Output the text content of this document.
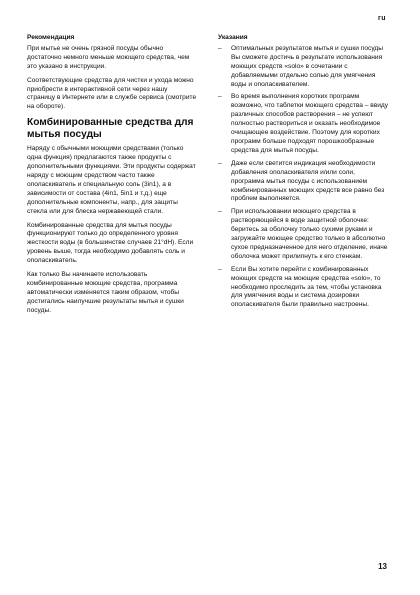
ru
Рекомендация

При мытье не очень грязной посуды обычно достаточно немного меньше моющего средства, чем это указано в инструкции.

Соответствующие средства для чистки и ухода можно приобрести в интерактивной сети через нашу страницу в Интернете или в службе сервиса (смотрите на обороте).

Комбинированные средства для мытья посуды

Наряду с обычными моющими средствами (только одна функция) предлагаются также продукты с дополнительными функциями. Эти продукты содержат наряду с моющим средством часто также ополаскиватель и специальную соль (3in1), а в зависимости от состава (4in1, 5in1 и т.д.) еще дополнительные компоненты, напр., для защиты стекла или для блеска нержавеющей стали.

Комбинированные средства для мытья посуды функционируют только до определенного уровня жесткости воды (в большинстве случаев 21°dH). Если уровень выше, тогда необходимо добавлять соль и ополаскиватель.

Как только Вы начинаете использовать комбинированные моющие средства, программа автоматически изменяется таким образом, чтобы достигались наилучшие результаты мытья и сушки посуды.

Указания
– Оптимальных результатов мытья и сушки посуды Вы сможете достичь в результате использования моющих средств «solo» в сочетании с добавляемыми отдельно солью для умягчения воды и ополаскивателем.
– Во время выполнения коротких программ возможно, что таблетки моющего средства – ввиду различных способов растворения – не успеют полностью раствориться и оказать необходимое очищающее воздействие. Поэтому для коротких программ больше подходят порошкообразные средства для мытья посуды.
– Даже если светится индикация необходимости добавления ополаскивателя и/или соли, программа мытья посуды с использованием комбинированных моющих средств все равно без проблем выполняется.
– При использовании моющего средства в растворяющейся в воде защитной оболочке: беритесь за оболочку только сухими руками и загружайте моющее средство только в абсолютно сухое предназначенное для него отделение, иначе оболочка может прилипнуть к его стенкам.
– Если Вы хотите перейти с комбинированных моющих средств на моющие средства «solo», то необходимо проследить за тем, чтобы установка для умягчения воды и система дозировки ополаскивателя были правильно настроены.
13
